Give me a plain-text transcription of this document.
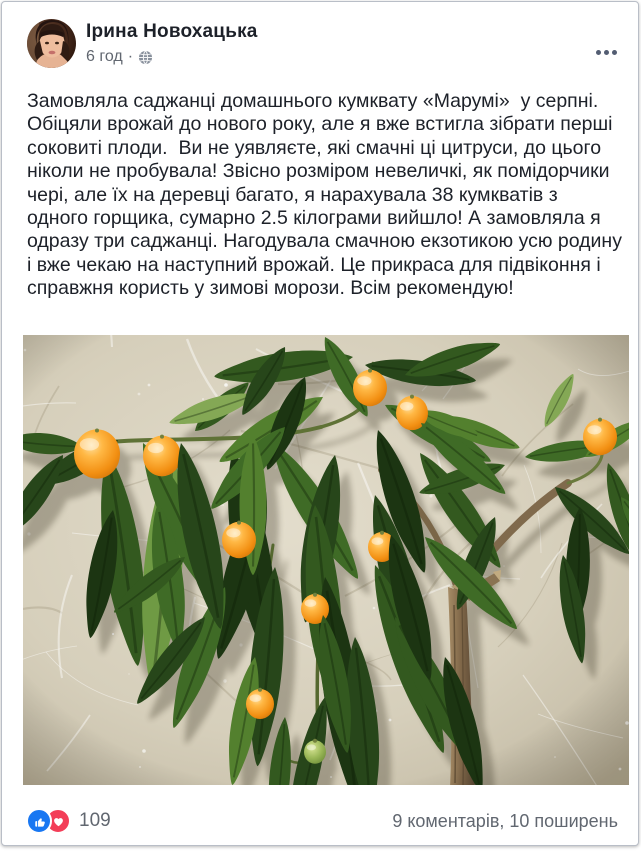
Ірина Новохацька
6 год ·
Замовляла саджанці домашнього кумквату «Марумі»  у серпні. Обіцяли врожай до нового року, але я вже встигла зібрати перші соковиті плоди.  Ви не уявляєте, які смачні ці цитруси, до цього ніколи не пробувала! Звісно розміром невеличкі, як помідорчики чері, але їх на деревці багато, я нарахувала 38 кумкватів з одного горщика, сумарно 2.5 кілограми вийшло! А замовляла я одразу три саджанці. Нагодувала смачною екзотикою усю родину і вже чекаю на наступний врожай. Це прикраса для підвіконня і справжня користь у зимові морози. Всім рекомендую!
109	9 коментарів, 10 поширень
